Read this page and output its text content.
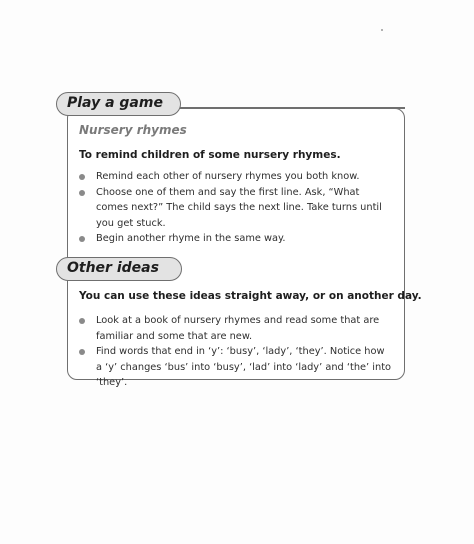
Play a game
Nursery rhymes
To remind children of some nursery rhymes.
Remind each other of nursery rhymes you both know.
Choose one of them and say the first line. Ask, “What comes next?” The child says the next line. Take turns until you get stuck.
Begin another rhyme in the same way.
Other ideas
You can use these ideas straight away, or on another day.
Look at a book of nursery rhymes and read some that are familiar and some that are new.
Find words that end in ‘y’: ‘busy’, ‘lady’, ‘they’. Notice how a ‘y’ changes ‘bus’ into ‘busy’, ‘lad’ into ‘lady’ and ‘the’ into ‘they’.
